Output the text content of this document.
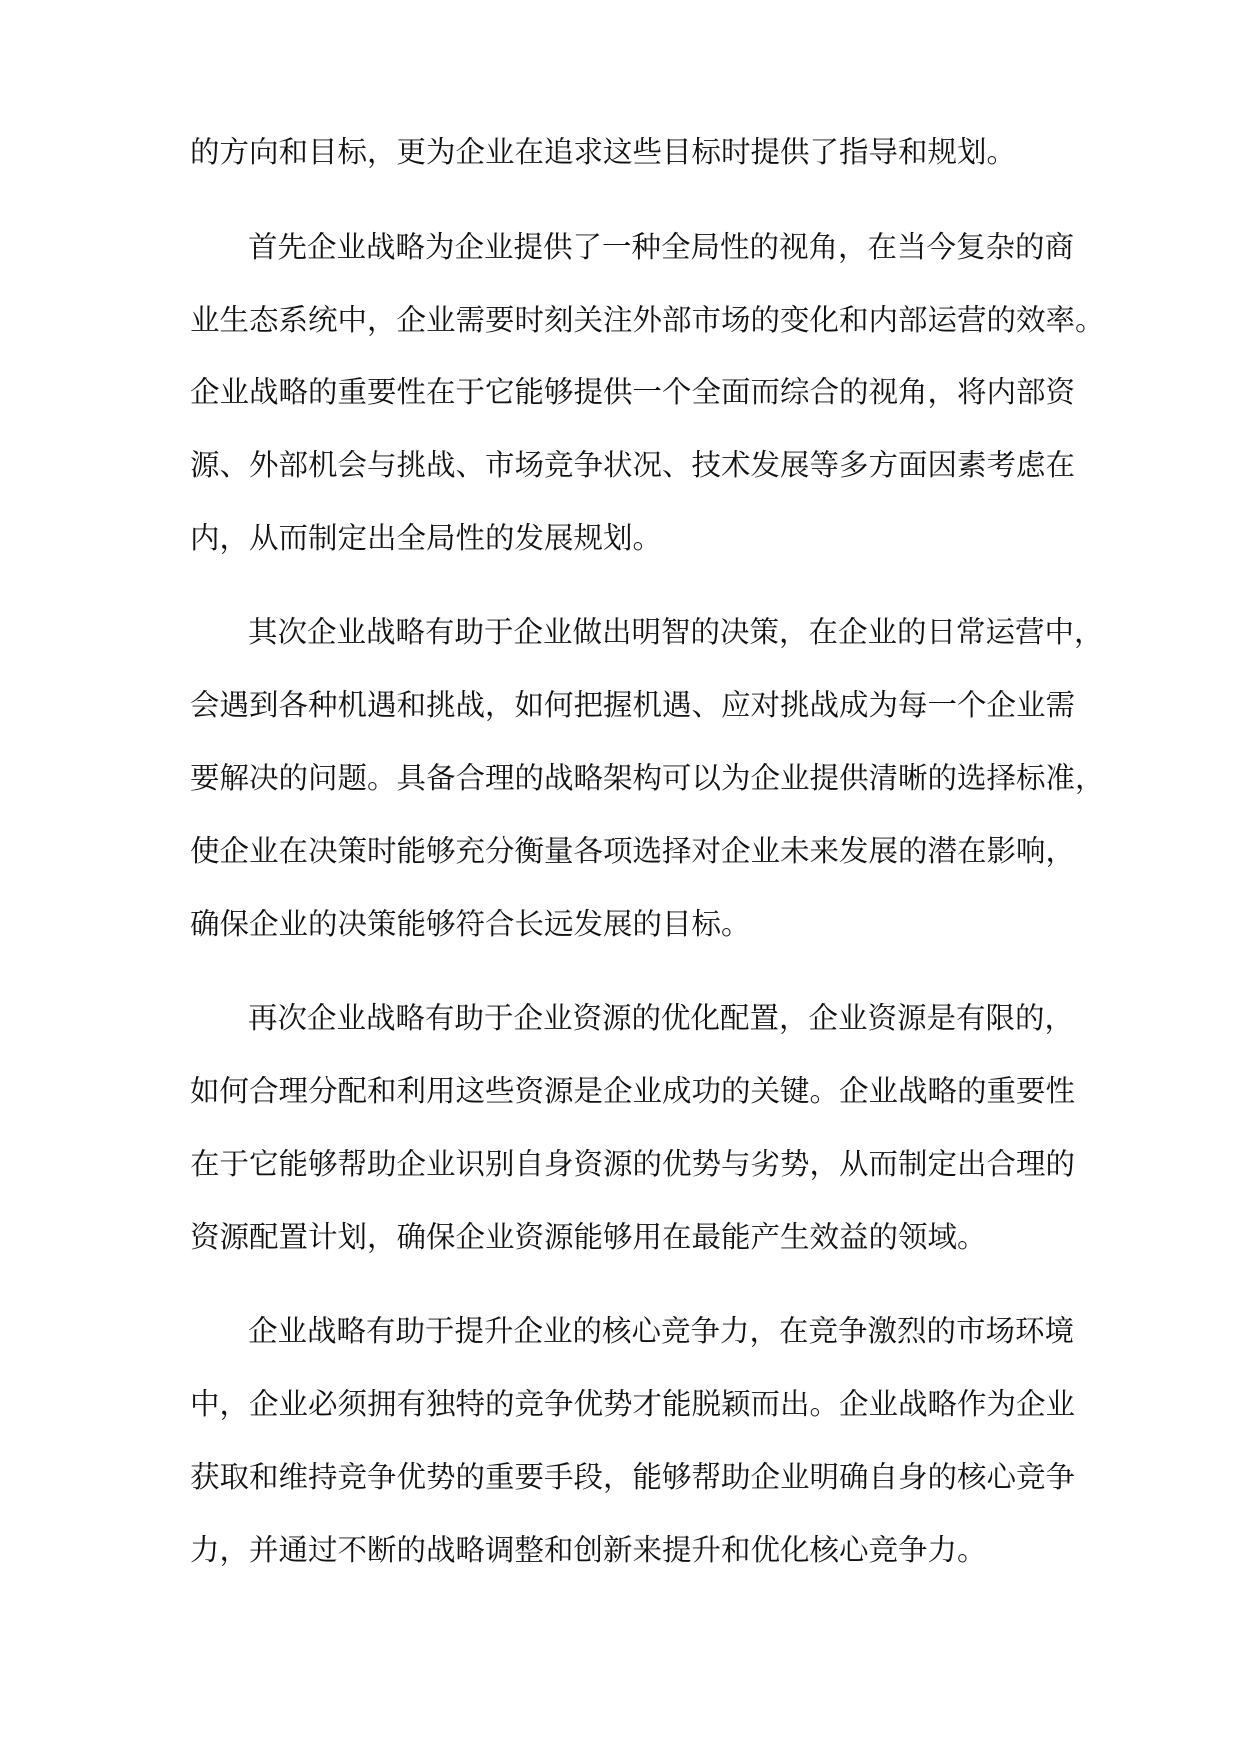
的方向和目标，更为企业在追求这些目标时提供了指导和规划。

首先企业战略为企业提供了一种全局性的视角，在当今复杂的商

业生态系统中，企业需要时刻关注外部市场的变化和内部运营的效率。

企业战略的重要性在于它能够提供一个全面而综合的视角，将内部资

源、外部机会与挑战、市场竞争状况、技术发展等多方面因素考虑在

内，从而制定出全局性的发展规划。

其次企业战略有助于企业做出明智的决策，在企业的日常运营中，

会遇到各种机遇和挑战，如何把握机遇、应对挑战成为每一个企业需

要解决的问题。具备合理的战略架构可以为企业提供清晰的选择标准，

使企业在决策时能够充分衡量各项选择对企业未来发展的潜在影响，

确保企业的决策能够符合长远发展的目标。

再次企业战略有助于企业资源的优化配置，企业资源是有限的，

如何合理分配和利用这些资源是企业成功的关键。企业战略的重要性

在于它能够帮助企业识别自身资源的优势与劣势，从而制定出合理的

资源配置计划，确保企业资源能够用在最能产生效益的领域。

企业战略有助于提升企业的核心竞争力，在竞争激烈的市场环境

中，企业必须拥有独特的竞争优势才能脱颖而出。企业战略作为企业

获取和维持竞争优势的重要手段，能够帮助企业明确自身的核心竞争

力，并通过不断的战略调整和创新来提升和优化核心竞争力。
